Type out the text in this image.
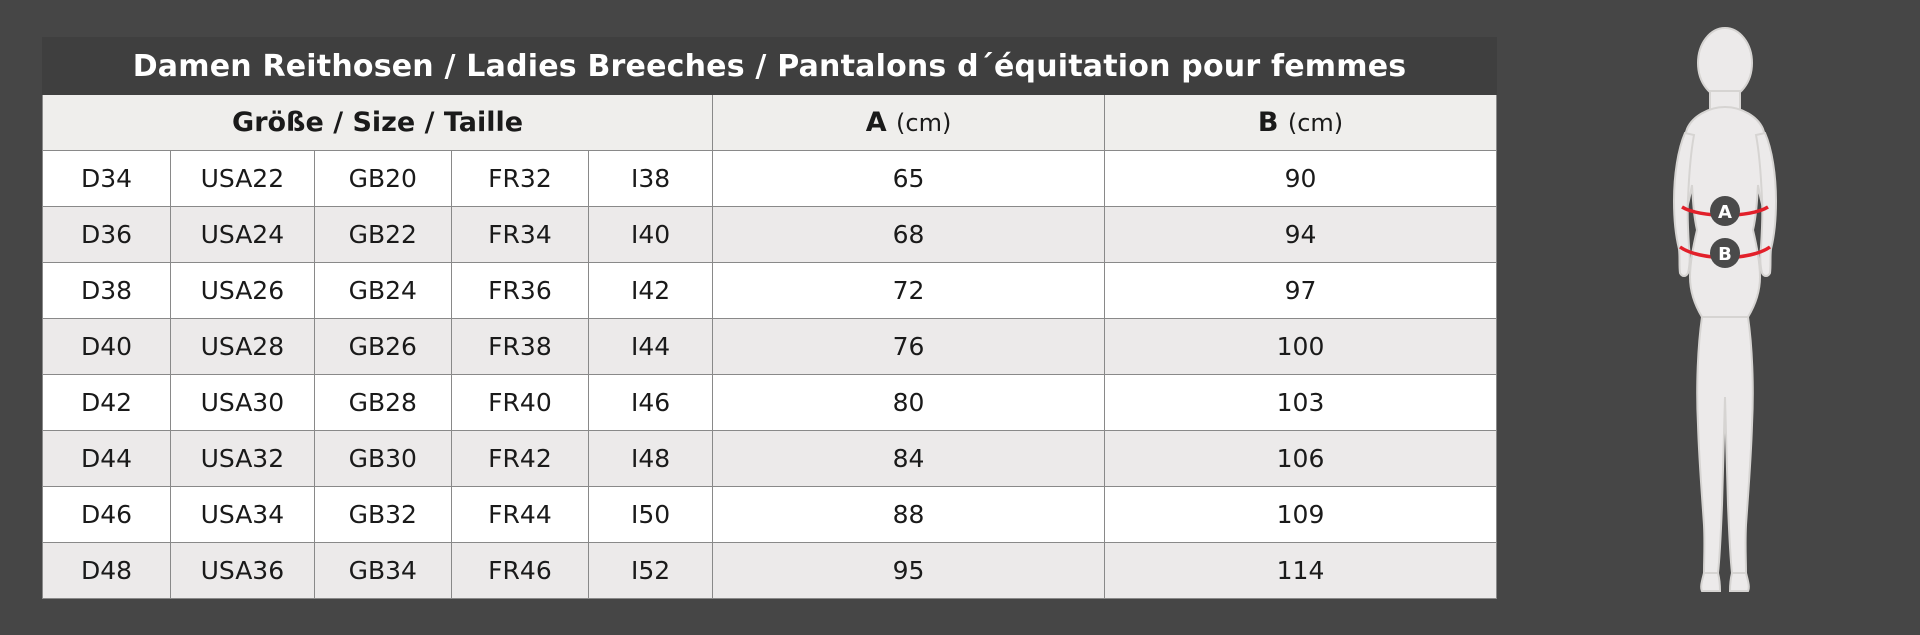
Damen Reithosen / Ladies Breeches / Pantalons d´équitation pour femmes						
Größe / Size / Taille					A (cm)	B (cm)
D34	USA22	GB20	FR32	I38	65	90
D36	USA24	GB22	FR34	I40	68	94
D38	USA26	GB24	FR36	I42	72	97
D40	USA28	GB26	FR38	I44	76	100
D42	USA30	GB28	FR40	I46	80	103
D44	USA32	GB30	FR42	I48	84	106
D46	USA34	GB32	FR44	I50	88	109
D48	USA36	GB34	FR46	I52	95	114
A
B
